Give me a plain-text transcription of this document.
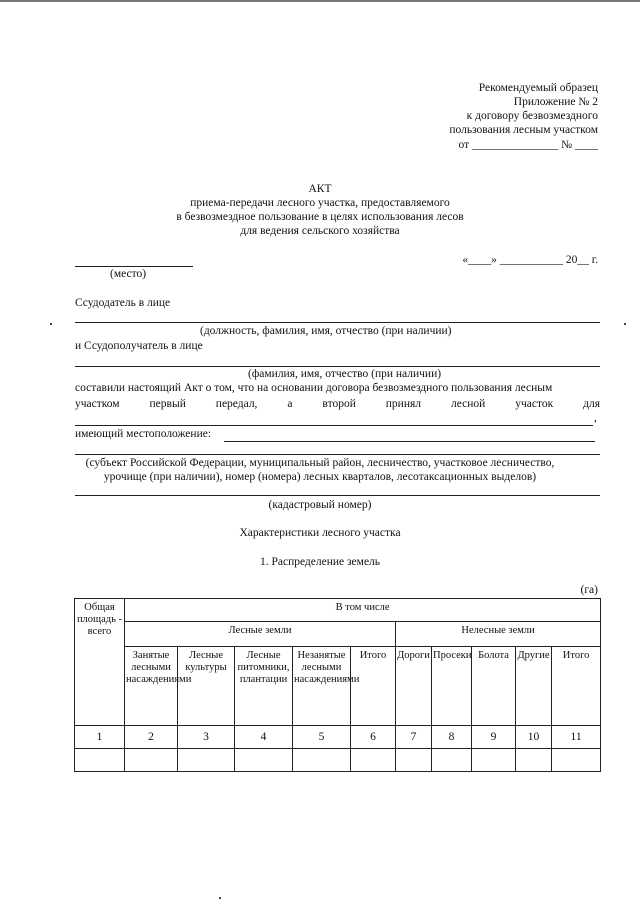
Рекомендуемый образец
Приложение № 2
к договору безвозмездного
пользования лесным участком
от _______________ № ____
АКТ
приема-передачи лесного участка, предоставляемого
в безвозмездное пользование в целях использования лесов
для ведения сельского хозяйства
(место)
«____» ___________ 20__ г.
Ссудодатель в лице
(должность, фамилия, имя, отчество (при наличии)
и Ссудополучатель в лице
(фамилия, имя, отчество (при наличии)
составили настоящий Акт о том, что на основании договора безвозмездного пользования лесным
участком	первый	передал,	а	второй	принял	лесной	участок	для
,
имеющий местоположение:
(субъект Российской Федерации, муниципальный район, лесничество, участковое лесничество,
урочище (при наличии), номер (номера) лесных кварталов, лесотаксационных выделов)
(кадастровый номер)
Характеристики лесного участка
1. Распределение земель
(га)
Общая площадь - всего	В том числе									
	Лесные земли					Нелесные земли				
	Занятые лесными насаждениями	Лесные культуры	Лесные питомники, плантации	Незанятые лесными насаждениями	Итого	Дороги	Просеки	Болота	Другие	Итого
1	2	3	4	5	6	7	8	9	10	11
